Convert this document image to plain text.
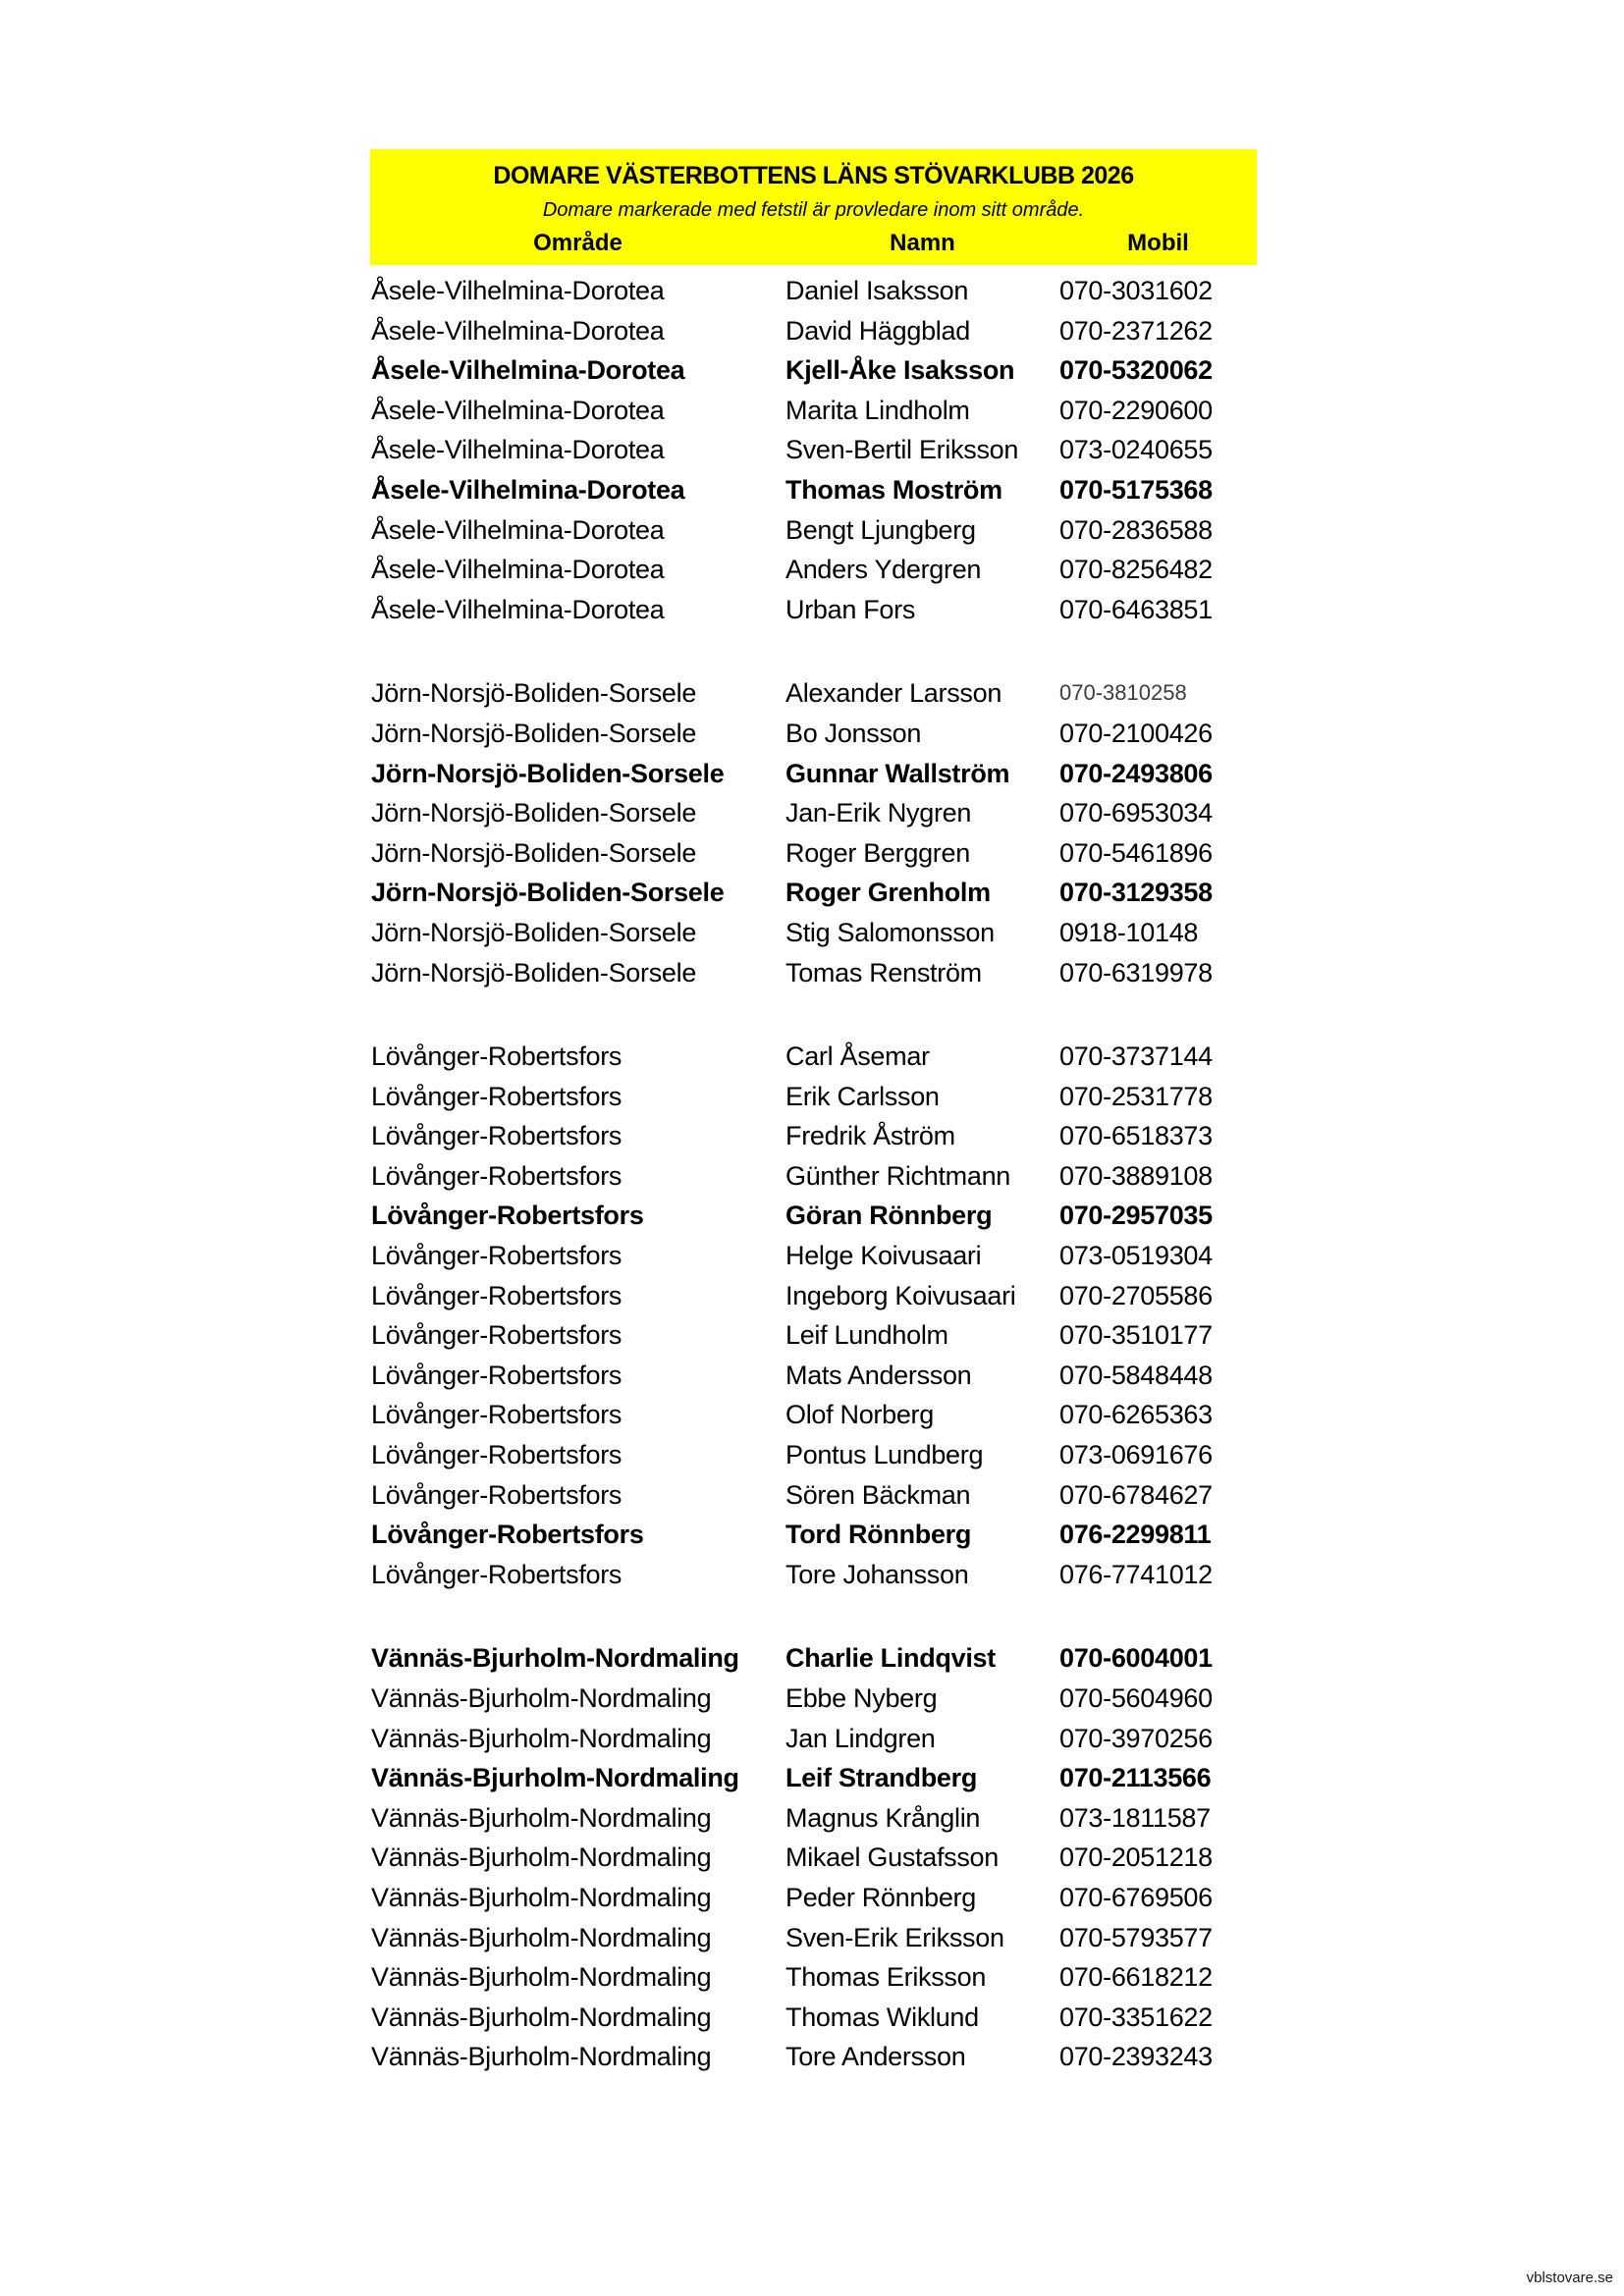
DOMARE VÄSTERBOTTENS LÄNS STÖVARKLUBB 2026
Domare markerade med fetstil är provledare inom sitt område.
Område	Namn	Mobil
Åsele-Vilhelmina-Dorotea	Daniel Isaksson	070-3031602
Åsele-Vilhelmina-Dorotea	David Häggblad	070-2371262
Åsele-Vilhelmina-Dorotea	Kjell-Åke Isaksson	070-5320062
Åsele-Vilhelmina-Dorotea	Marita Lindholm	070-2290600
Åsele-Vilhelmina-Dorotea	Sven-Bertil Eriksson	073-0240655
Åsele-Vilhelmina-Dorotea	Thomas Moström	070-5175368
Åsele-Vilhelmina-Dorotea	Bengt Ljungberg	070-2836588
Åsele-Vilhelmina-Dorotea	Anders Ydergren	070-8256482
Åsele-Vilhelmina-Dorotea	Urban Fors	070-6463851
Jörn-Norsjö-Boliden-Sorsele	Alexander Larsson	070-3810258
Jörn-Norsjö-Boliden-Sorsele	Bo Jonsson	070-2100426
Jörn-Norsjö-Boliden-Sorsele	Gunnar Wallström	070-2493806
Jörn-Norsjö-Boliden-Sorsele	Jan-Erik Nygren	070-6953034
Jörn-Norsjö-Boliden-Sorsele	Roger Berggren	070-5461896
Jörn-Norsjö-Boliden-Sorsele	Roger Grenholm	070-3129358
Jörn-Norsjö-Boliden-Sorsele	Stig Salomonsson	0918-10148
Jörn-Norsjö-Boliden-Sorsele	Tomas Renström	070-6319978
Lövånger-Robertsfors	Carl Åsemar	070-3737144
Lövånger-Robertsfors	Erik Carlsson	070-2531778
Lövånger-Robertsfors	Fredrik Åström	070-6518373
Lövånger-Robertsfors	Günther Richtmann	070-3889108
Lövånger-Robertsfors	Göran Rönnberg	070-2957035
Lövånger-Robertsfors	Helge Koivusaari	073-0519304
Lövånger-Robertsfors	Ingeborg Koivusaari	070-2705586
Lövånger-Robertsfors	Leif Lundholm	070-3510177
Lövånger-Robertsfors	Mats Andersson	070-5848448
Lövånger-Robertsfors	Olof Norberg	070-6265363
Lövånger-Robertsfors	Pontus Lundberg	073-0691676
Lövånger-Robertsfors	Sören Bäckman	070-6784627
Lövånger-Robertsfors	Tord Rönnberg	076-2299811
Lövånger-Robertsfors	Tore Johansson	076-7741012
Vännäs-Bjurholm-Nordmaling	Charlie Lindqvist	070-6004001
Vännäs-Bjurholm-Nordmaling	Ebbe Nyberg	070-5604960
Vännäs-Bjurholm-Nordmaling	Jan Lindgren	070-3970256
Vännäs-Bjurholm-Nordmaling	Leif Strandberg	070-2113566
Vännäs-Bjurholm-Nordmaling	Magnus Krånglin	073-1811587
Vännäs-Bjurholm-Nordmaling	Mikael Gustafsson	070-2051218
Vännäs-Bjurholm-Nordmaling	Peder Rönnberg	070-6769506
Vännäs-Bjurholm-Nordmaling	Sven-Erik Eriksson	070-5793577
Vännäs-Bjurholm-Nordmaling	Thomas Eriksson	070-6618212
Vännäs-Bjurholm-Nordmaling	Thomas Wiklund	070-3351622
Vännäs-Bjurholm-Nordmaling	Tore Andersson	070-2393243
vblstovare.se
